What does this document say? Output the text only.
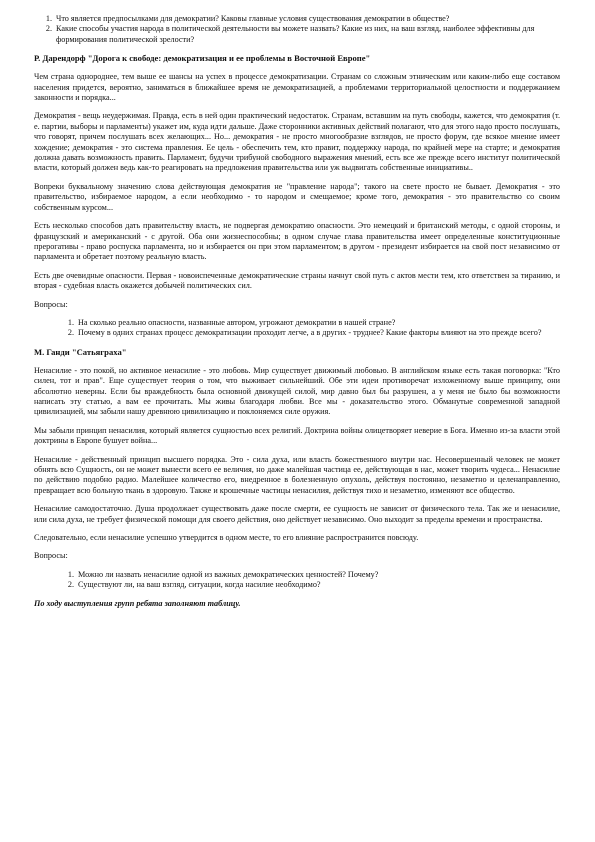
1. Что является предпосылками для демократии? Каковы главные условия существования демократии в обществе?
2. Какие способы участия народа в политической деятельности вы можете назвать? Какие из них, на ваш взгляд, наиболее эффективны для формирования политической зрелости?
Р. Дарендорф "Дорога к свободе: демократизация и ее проблемы в Восточной Европе"

Чем страна однороднее, тем выше ее шансы на успех в процессе демократизации. Странам со сложным этническим или каким-либо еще составом населения придется, вероятно, заниматься в ближайшее время не демократизацией, а проблемами территориальной целостности и поддержанием законности и порядка...

Демократия - вещь неудержимая. Правда, есть в ней один практический недостаток. Странам, вставшим на путь свободы, кажется, что демократия (т. е. партии, выборы и парламенты) укажет им, куда идти дальше. Даже сторонники активных действий полагают, что для этого надо просто послушать, что говорят, причем послушать всех желающих... Но... демократия - не просто многообразие взглядов, не просто форум, где всякое мнение имеет хождение; демократия - это система правления. Ее цель - обеспечить тем, кто правит, поддержку народа, по крайней мере на старте; и демократия должна давать возможность править. Парламент, будучи трибуной свободного выражения мнений, есть все же прежде всего институт политической власти, который должен ведь как-то реагировать на предложения правительства или уж выдвигать собственные инициативы..

Вопреки буквальному значению слова действующая демократия не "правление народа"; такого на свете просто не бывает. Демократия - это правительство, избираемое народом, а если необходимо - то народом и смещаемое; кроме того, демократия - это правительство со своим собственным курсом...

Есть несколько способов дать правительству власть, не подвергая демократию опасности. Это немецкий и британский методы, с одной стороны, и французский и американский - с другой. Оба они жизнеспособны; в одном случае глава правительства имеет определенные конституционные прерогативы - право роспуска парламента, но и избирается он при этом парламентом; в другом - президент избирается на свой пост независимо от парламента и обретает поэтому реальную власть.

Есть две очевидные опасности. Первая - новоиспеченные демократические страны начнут свой путь с актов мести тем, кто ответствен за тиранию, и вторая - судебная власть окажется добычей политических сил.

Вопросы:

1. На сколько реально опасности, названные автором, угрожают демократии в нашей стране?
2. Почему в одних странах процесс демократизации проходит легче, а в других - труднее? Какие факторы влияют на это прежде всего?
М. Ганди "Сатьяграха"

Ненасилие - это покой, но активное ненасилие - это любовь. Мир существует движимый любовью. В английском языке есть такая поговорка: "Кто силен, тот и прав". Еще существует теория о том, что выживает сильнейший. Обе эти идеи противоречат изложенному выше принципу, они абсолютно неверны. Если бы враждебность была основной движущей силой, мир давно был бы разрушен, а у меня не было бы возможности написать эту статью, а вам ее прочитать. Мы живы благодаря любви. Все мы - доказательство этого. Обманутые современной западной цивилизацией, мы забыли нашу древнюю цивилизацию и поклоняемся силе оружия.

Мы забыли принцип ненасилия, который является сущностью всех религий. Доктрина войны олицетворяет неверие в Бога. Именно из-за власти этой доктрины в Европе бушует война...

Ненасилие - действенный принцип высшего порядка. Это - сила духа, или власть божественного внутри нас. Несовершенный человек не может обнять всю Сущность, он не может вынести всего ее величия, но даже малейшая частица ее, действующая в нас, может творить чудеса... Ненасилие по действию подобно радио. Малейшее количество его, внедренное в болезненную опухоль, действуя постоянно, незаметно и целенаправленно, превращает всю больную ткань в здоровую. Также и крошечные частицы ненасилия, действуя тихо и незаметно, изменяют все общество.

Ненасилие самодостаточно. Душа продолжает существовать даже после смерти, ее сущность не зависит от физического тела. Так же и ненасилие, или сила духа, не требует физической помощи для своего действия, оно действует независимо. Оно выходит за пределы времени и пространства.

Следовательно, если ненасилие успешно утвердится в одном месте, то его влияние распространится повсюду.

Вопросы:

1. Можно ли назвать ненасилие одной из важных демократических ценностей? Почему?
2. Существуют ли, на ваш взгляд, ситуации, когда насилие необходимо?

По ходу выступления групп ребята заполняют таблицу.
